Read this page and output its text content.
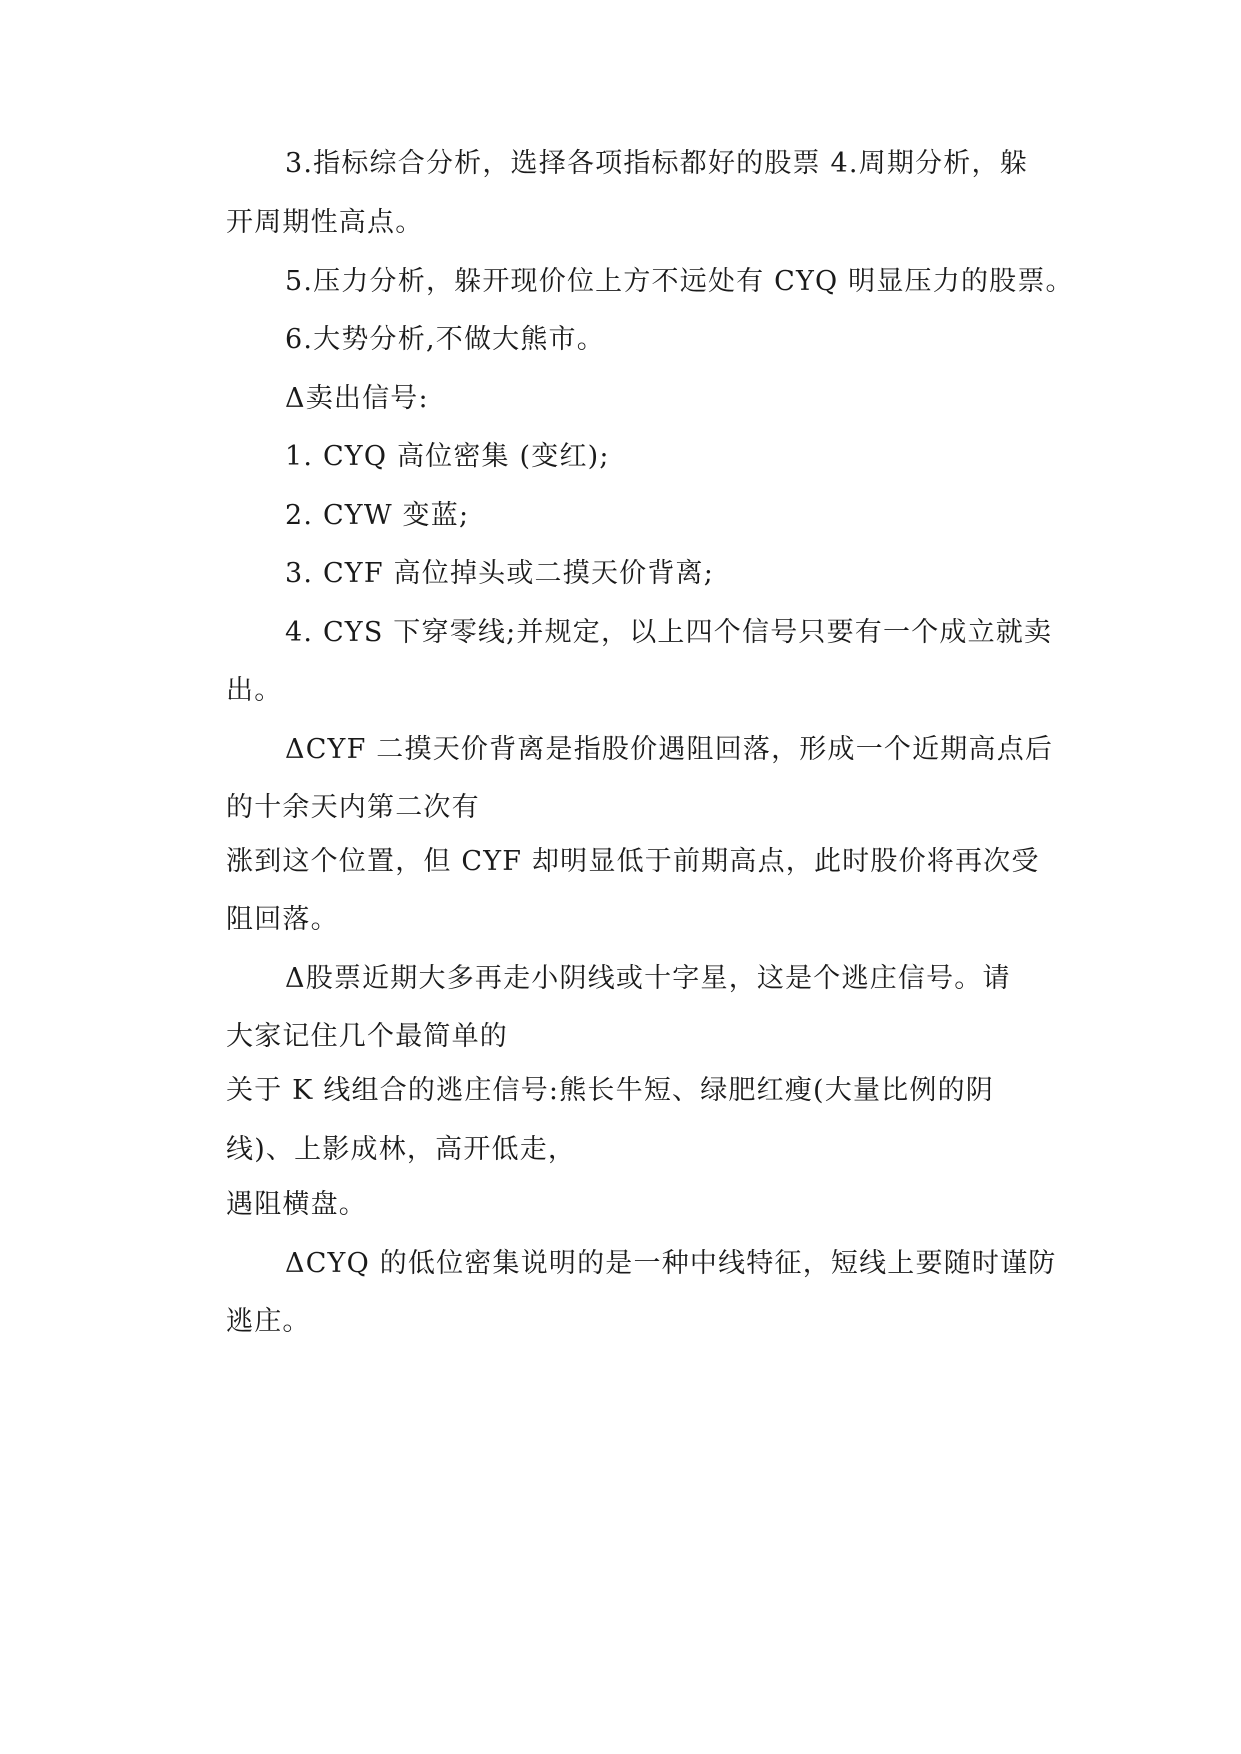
3.指标综合分析，选择各项指标都好的股票 4.周期分析，躲
开周期性高点。
5.压力分析，躲开现价位上方不远处有 CYQ 明显压力的股票。
6.大势分析,不做大熊市。
Δ卖出信号:
1. CYQ 高位密集 (变红);
2. CYW 变蓝;
3. CYF 高位掉头或二摸天价背离;
4. CYS 下穿零线;并规定，以上四个信号只要有一个成立就卖
出。
ΔCYF 二摸天价背离是指股价遇阻回落，形成一个近期高点后
的十余天内第二次有
涨到这个位置，但 CYF 却明显低于前期高点，此时股价将再次受
阻回落。
Δ股票近期大多再走小阴线或十字星，这是个逃庄信号。请
大家记住几个最简单的
关于 K 线组合的逃庄信号:熊长牛短、绿肥红瘦(大量比例的阴
线)、上影成林，高开低走，
遇阻横盘。
ΔCYQ 的低位密集说明的是一种中线特征，短线上要随时谨防
逃庄。
